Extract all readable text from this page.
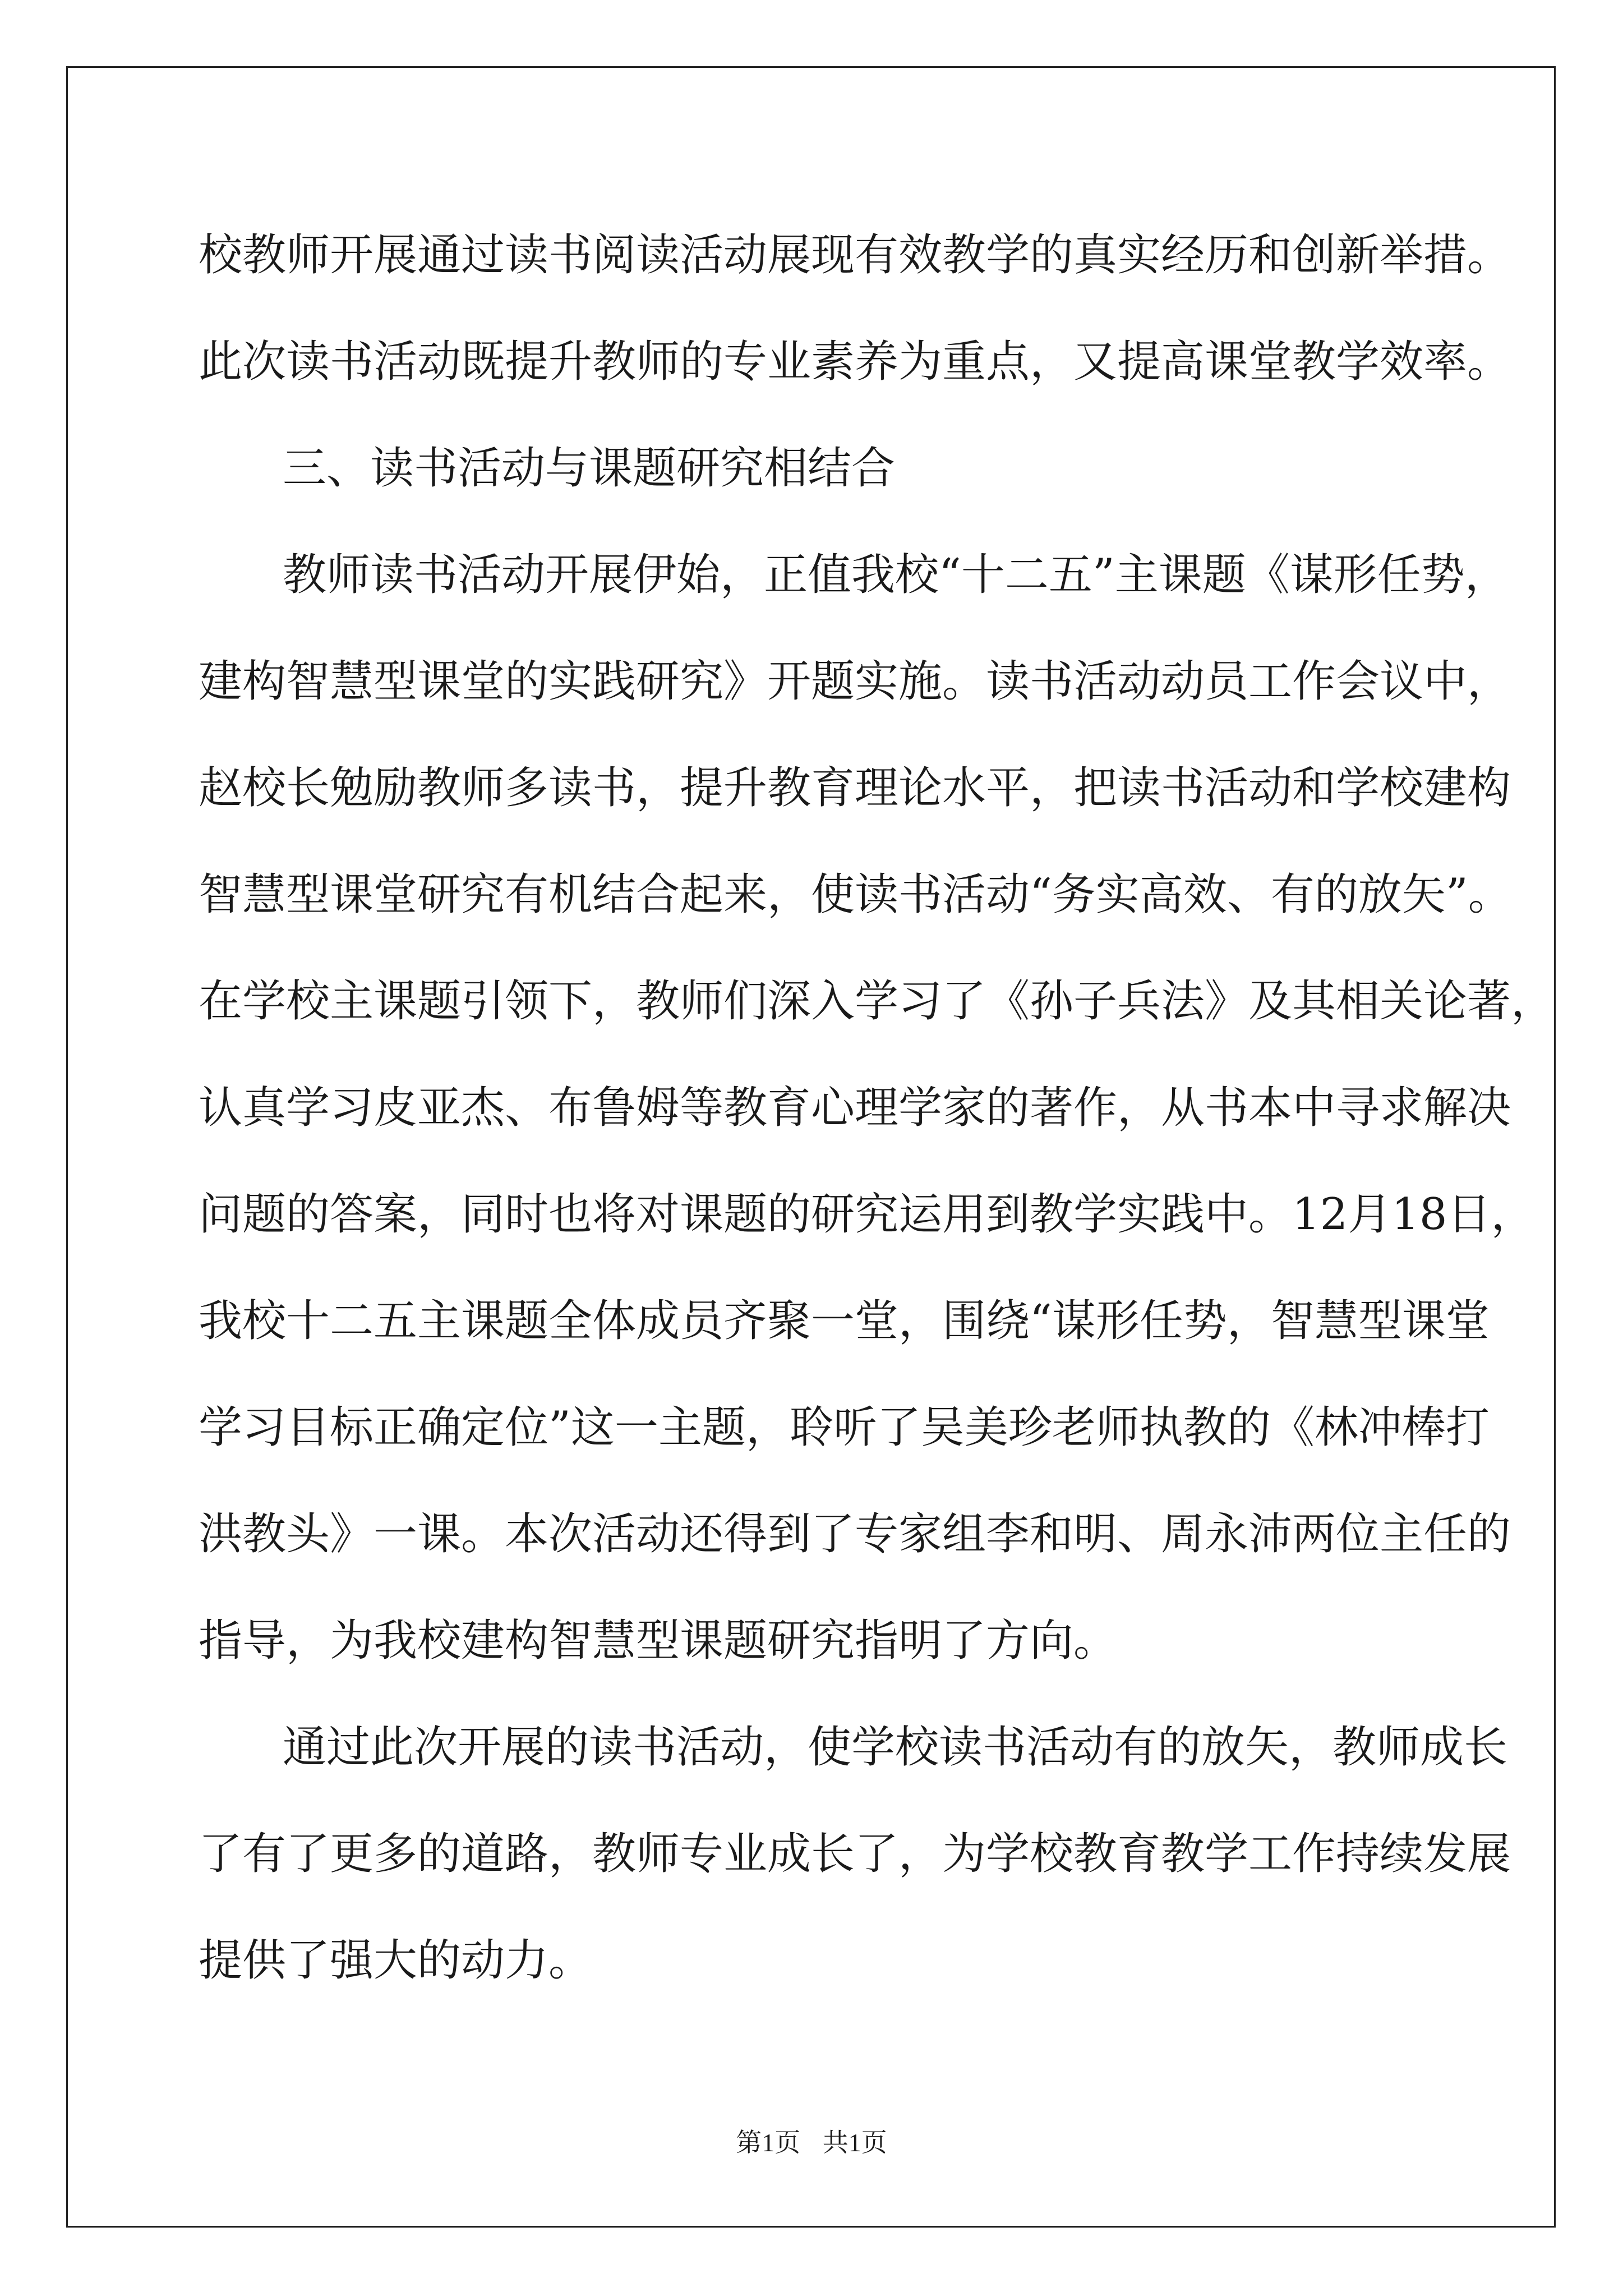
校教师开展通过读书阅读活动展现有效教学的真实经历和创新举措。
此次读书活动既提升教师的专业素养为重点，又提高课堂教学效率。
三、读书活动与课题研究相结合
教师读书活动开展伊始，正值我校“十二五”主课题《谋形任势，
建构智慧型课堂的实践研究》开题实施。读书活动动员工作会议中，
赵校长勉励教师多读书，提升教育理论水平，把读书活动和学校建构
智慧型课堂研究有机结合起来，使读书活动“务实高效、有的放矢”。
在学校主课题引领下，教师们深入学习了《孙子兵法》及其相关论著，
认真学习皮亚杰、布鲁姆等教育心理学家的著作，从书本中寻求解决
问题的答案，同时也将对课题的研究运用到教学实践中。12月18日，
我校十二五主课题全体成员齐聚一堂，围绕“谋形任势，智慧型课堂
学习目标正确定位”这一主题，聆听了吴美珍老师执教的《林冲棒打
洪教头》一课。本次活动还得到了专家组李和明、周永沛两位主任的
指导，为我校建构智慧型课题研究指明了方向。
通过此次开展的读书活动，使学校读书活动有的放矢，教师成长
了有了更多的道路，教师专业成长了，为学校教育教学工作持续发展
提供了强大的动力。
第1页 共1页
